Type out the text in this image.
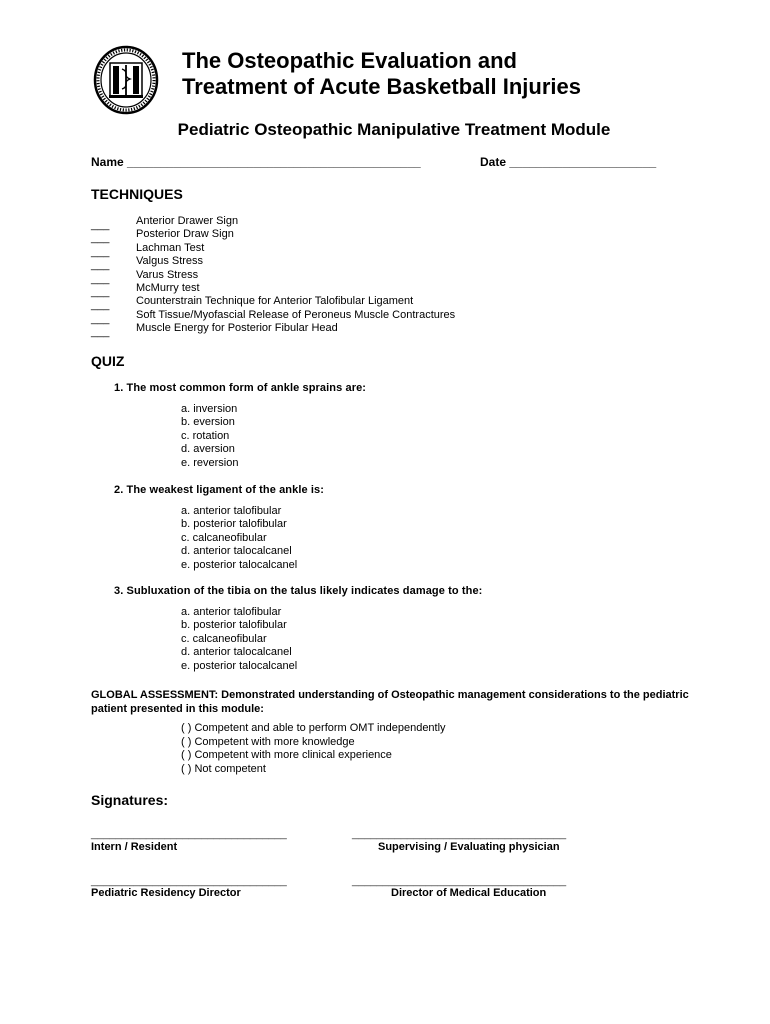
The Osteopathic Evaluation and
Treatment of Acute Basketball Injuries
Pediatric Osteopathic Manipulative Treatment Module
Name ____________________________________________	Date ______________________
TECHNIQUES
___	Anterior Drawer Sign
___	Posterior Draw Sign
___	Lachman Test
___	Valgus Stress
___	Varus Stress
___	McMurry test
___	Counterstrain Technique for Anterior Talofibular Ligament
___	Soft Tissue/Myofascial Release of Peroneus Muscle Contractures
___	Muscle Energy for Posterior Fibular Head
QUIZ
1. The most common form of ankle sprains are:
a. inversion
b. eversion
c. rotation
d. aversion
e. reversion
2. The weakest ligament of the ankle is:
a. anterior talofibular
b. posterior talofibular
c. calcaneofibular
d. anterior talocalcanel
e. posterior talocalcanel
3. Subluxation of the tibia on the talus likely indicates damage to the:
a. anterior talofibular
b. posterior talofibular
c. calcaneofibular
d. anterior talocalcanel
e. posterior talocalcanel
GLOBAL ASSESSMENT: Demonstrated understanding of Osteopathic management considerations to the pediatric patient presented in this module:
( ) Competent and able to perform OMT independently
( ) Competent with more knowledge
( ) Competent with more clinical experience
( ) Not competent
Signatures:
________________________________	___________________________________
Intern / Resident	Supervising / Evaluating physician
________________________________	___________________________________
Pediatric Residency Director	Director of Medical Education
